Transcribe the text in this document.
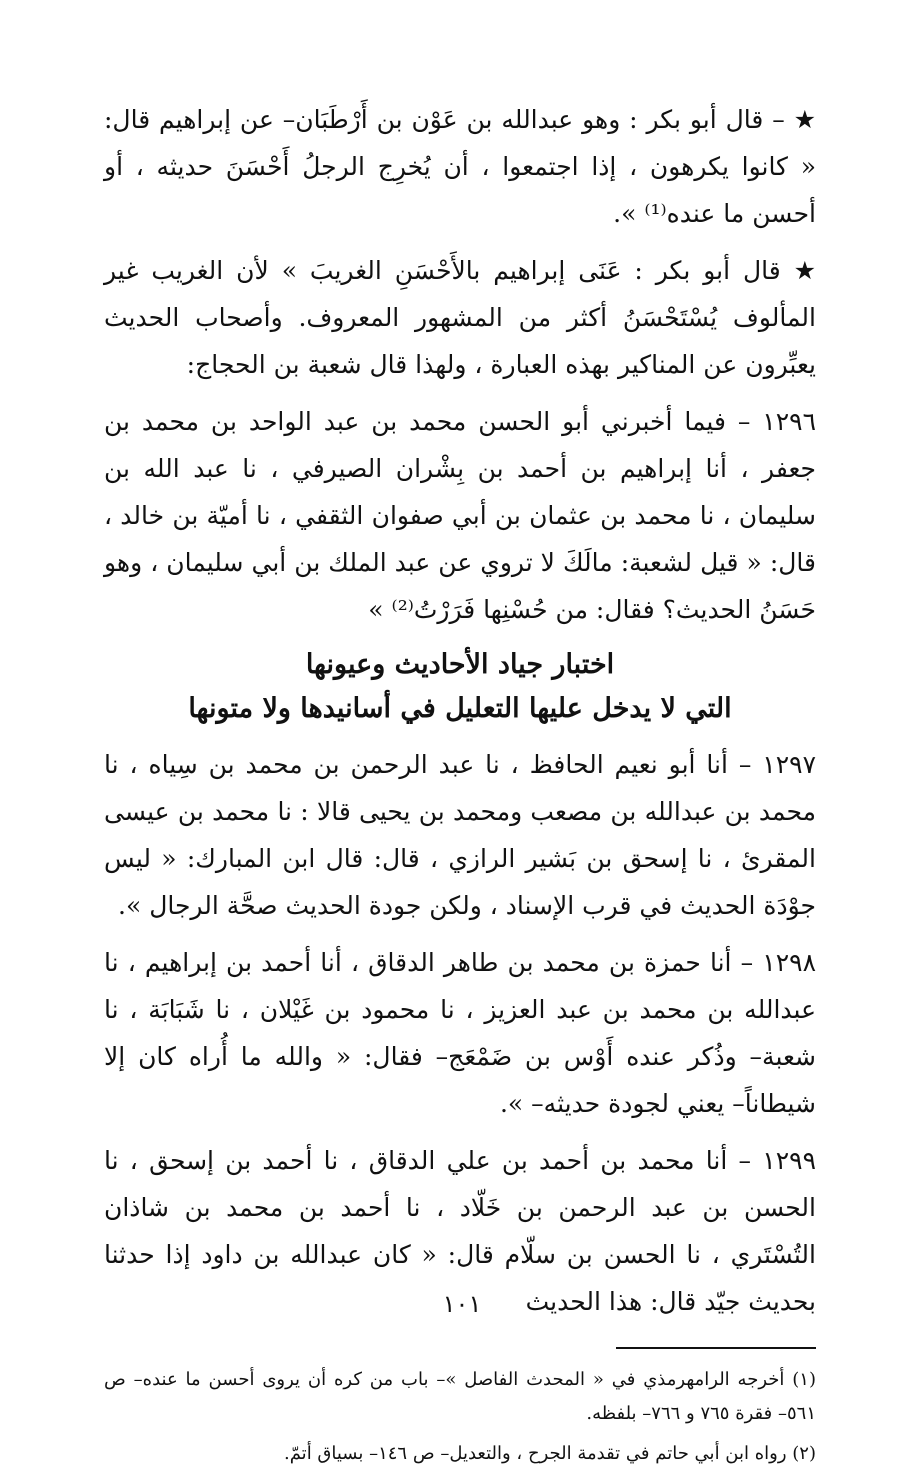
★ – قال أبو بكر : وهو عبدالله بن عَوْن بن أَرْطَبَان– عن إبراهيم قال: « كانوا يكرهون ، إذا اجتمعوا ، أن يُخرِج الرجلُ أَحْسَنَ حديثه ، أو أحسن ما عنده⁽¹⁾ ».

★ قال أبو بكر : عَنَى إبراهيم بالأَحْسَنِ الغريبَ » لأن الغريب غير المألوف يُسْتَحْسَنُ أكثر من المشهور المعروف. وأصحاب الحديث يعبِّرون عن المناكير بهذه العبارة ، ولهذا قال شعبة بن الحجاج:

١٢٩٦ – فيما أخبرني أبو الحسن محمد بن عبد الواحد بن محمد بن جعفر ، أنا إبراهيم بن أحمد بن بِشْران الصيرفي ، نا عبد الله بن سليمان ، نا محمد بن عثمان بن أبي صفوان الثقفي ، نا أميّة بن خالد ، قال: « قيل لشعبة: مالَكَ لا تروي عن عبد الملك بن أبي سليمان ، وهو حَسَنُ الحديث؟ فقال: من حُسْنِها فَرَرْتُ⁽²⁾ »

اختبار جياد الأحاديث وعيونها

التي لا يدخل عليها التعليل في أسانيدها ولا متونها

١٢٩٧ – أنا أبو نعيم الحافظ ، نا عبد الرحمن بن محمد بن سِياه ، نا محمد بن عبدالله بن مصعب ومحمد بن يحيى قالا : نا محمد بن عيسى المقرئ ، نا إسحق بن بَشير الرازي ، قال: قال ابن المبارك: « ليس جوْدَة الحديث في قرب الإسناد ، ولكن جودة الحديث صحَّة الرجال ».

١٢٩٨ – أنا حمزة بن محمد بن طاهر الدقاق ، أنا أحمد بن إبراهيم ، نا عبدالله بن محمد بن عبد العزيز ، نا محمود بن غَيْلان ، نا شَبَابَة ، نا شعبة– وذُكر عنده أَوْس بن ضَمْعَج– فقال: « والله ما أُراه كان إلا شيطاناً– يعني لجودة حديثه– ».

١٢٩٩ – أنا محمد بن أحمد بن علي الدقاق ، نا أحمد بن إسحق ، نا الحسن بن عبد الرحمن بن خَلّاد ، نا أحمد بن محمد بن شاذان التُسْتَري ، نا الحسن بن سلّام قال: « كان عبدالله بن داود إذا حدثنا بحديث جيّد قال: هذا الحديث

(١) أخرجه الرامهرمذي في « المحدث الفاصل »– باب من كره أن يروى أحسن ما عنده– ص ٥٦١– فقرة ٧٦٥ و ٧٦٦– بلفظه.

(٢) رواه ابن أبي حاتم في تقدمة الجرح ، والتعديل– ص ١٤٦– بسياق أتمّ.

١٠١
